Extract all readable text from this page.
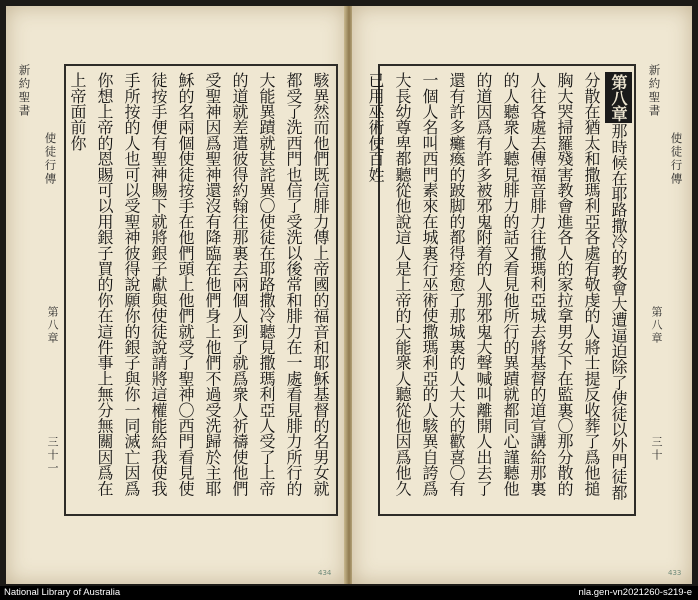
新約聖書
使徒行傳
第八章
三十一	駭異然而他們既信腓力傳上帝國的福音和耶穌基督的名男女就都受了洗西門也信了受洗以後常和腓力在一處看見腓力所行的大能異蹟就甚詫異〇使徒在耶路撒冷聽見撒瑪利亞人受了上帝的道就差遣彼得約翰往那裏去兩個人到了就爲衆人祈禱使他們受聖神因爲聖神還沒有降臨在他們身上他們不過受洗歸於主耶穌的名兩個使徒按手在他們頭上他們就受了聖神〇西門看見使徒按手便有聖神賜下就將銀子獻與使徒說請將這權能給我使我手所按的人也可以受聖神彼得說願你的銀子與你一同滅亡因爲你想上帝的恩賜可以用銀子買的你在這件事上無分無關因爲在上帝面前你
434
第八章那時候在耶路撒冷的教會大遭逼迫除了使徒以外門徒都分散在猶太和撒瑪利亞各處有敬虔的人將士提反收葬了爲他搥胸大哭掃羅殘害教會進各人的家拉拿男女下在監裏〇那分散的人往各處去傳福音腓力往撒瑪利亞城去將基督的道宣講給那裏的人聽衆人聽見腓力的話又看見他所行的異蹟就都同心謹聽他的道因爲有許多被邪鬼附着的人那邪鬼大聲喊叫離開人出去了還有許多癱瘓的跛脚的都得痊愈了那城裏的人大大的歡喜〇有一個人名叫西門素來在城裏行巫術使撒瑪利亞的人駭異自誇爲大長幼尊卑都聽從他說這人是上帝的大能衆人聽從他因爲他久已用巫術使百姓	新約聖書
使徒行傳
第八章
三十
433
National Library of Australia	nla.gen-vn2021260-s219-e
